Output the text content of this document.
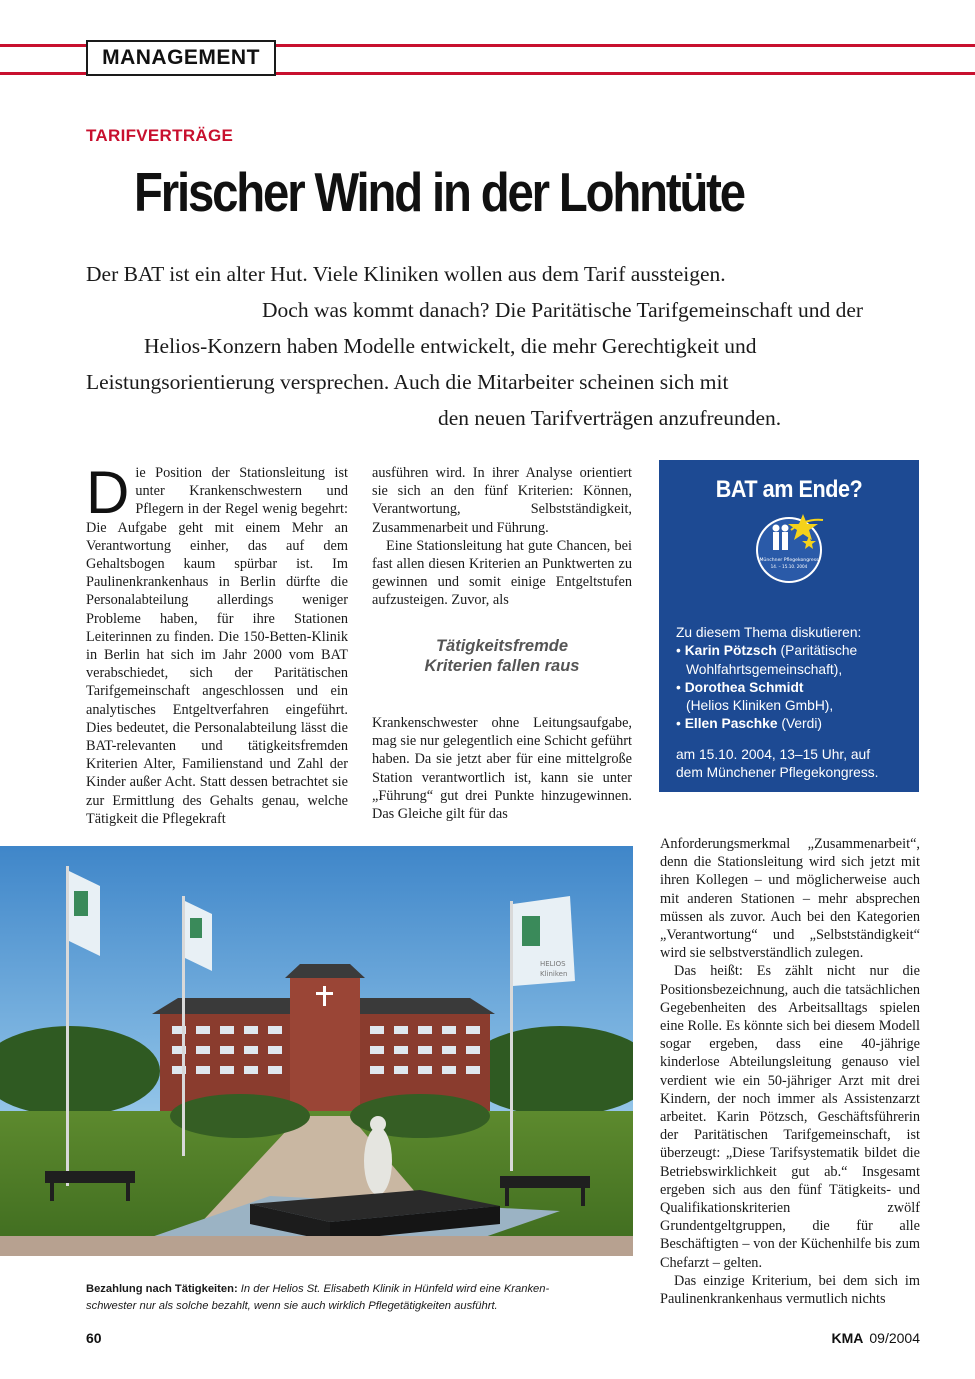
MANAGEMENT
TARIFVERTRÄGE
Frischer Wind in der Lohntüte
Der BAT ist ein alter Hut. Viele Kliniken wollen aus dem Tarif aussteigen.
Doch was kommt danach? Die Paritätische Tarifgemeinschaft und der
Helios-Konzern haben Modelle entwickelt, die mehr Gerechtigkeit und
Leistungsorientierung versprechen. Auch die Mitarbeiter scheinen sich mit
den neuen Tarifverträgen anzufreunden.
D ie Position der Stationsleitung ist unter Krankenschwestern und Pflegern in der Regel wenig begehrt: Die Aufgabe geht mit einem Mehr an Verantwortung einher, das auf dem Gehaltsbogen kaum spürbar ist. Im Paulinenkrankenhaus in Berlin dürfte die Personalabteilung allerdings weniger Probleme haben, für ihre Stationen Leiterinnen zu finden. Die 150-Betten-Klinik in Berlin hat sich im Jahr 2000 vom BAT verabschiedet, sich der Paritätischen Tarifgemeinschaft angeschlossen und ein analytisches Entgeltverfahren eingeführt. Dies bedeutet, die Personalabteilung lässt die BAT-relevanten und tätigkeitsfremden Kriterien Alter, Familienstand und Zahl der Kinder außer Acht. Statt dessen betrachtet sie zur Ermittlung des Gehalts genau, welche Tätigkeit die Pflegekraft

ausführen wird. In ihrer Analyse orientiert sie sich an den fünf Kriterien: Können, Verantwortung, Selbstständigkeit, Zusammenarbeit und Führung.

Eine Stationsleitung hat gute Chancen, bei fast allen diesen Kriterien an Punktwerten zu gewinnen und somit einige Entgeltstufen aufzusteigen. Zuvor, als

Tätigkeitsfremde
Kriterien fallen raus

Krankenschwester ohne Leitungsaufgabe, mag sie nur gelegentlich eine Schicht geführt haben. Da sie jetzt aber für eine mittelgroße Station verantwortlich ist, kann sie unter „Führung“ gut drei Punkte hinzugewinnen. Das Gleiche gilt für das

BAT am Ende?
Münchner Pflegekongress
14. – 15.10. 2004
Zu diesem Thema diskutieren:
• Karin Pötzsch (Paritätische
Wohlfahrtsgemeinschaft),
• Dorothea Schmidt
(Helios Kliniken GmbH),
• Ellen Paschke (Verdi)
am 15.10. 2004, 13–15 Uhr, auf
dem Münchener Pflegekongress.
HELIOS
Kliniken

Anforderungsmerkmal „Zusammenarbeit“, denn die Stationsleitung wird sich jetzt mit ihren Kollegen – und möglicherweise auch mit anderen Stationen – mehr absprechen müssen als zuvor. Auch bei den Kategorien „Verantwortung“ und „Selbstständigkeit“ wird sie selbstverständlich zulegen.

Das heißt: Es zählt nicht nur die Positionsbezeichnung, auch die tatsächlichen Gegebenheiten des Arbeitsalltags spielen eine Rolle. Es könnte sich bei diesem Modell sogar ergeben, dass eine 40-jährige kinderlose Abteilungsleitung genauso viel verdient wie ein 50-jähriger Arzt mit drei Kindern, der noch immer als Assistenzarzt arbeitet. Karin Pötzsch, Geschäftsführerin der Paritätischen Tarifgemeinschaft, ist überzeugt: „Diese Tarifsystematik bildet die Betriebswirklichkeit gut ab.“ Insgesamt ergeben sich aus den fünf Tätigkeits- und Qualifikationskriterien zwölf Grundentgeltgruppen, die für alle Beschäftigten – von der Küchenhilfe bis zum Chefarzt – gelten.

Das einzige Kriterium, bei dem sich im Paulinenkrankenhaus vermutlich nichts

Bezahlung nach Tätigkeiten: In der Helios St. Elisabeth Klinik in Hünfeld wird eine Kranken-
schwester nur als solche bezahlt, wenn sie auch wirklich Pflegetätigkeiten ausführt.
60	KMA 09/2004
